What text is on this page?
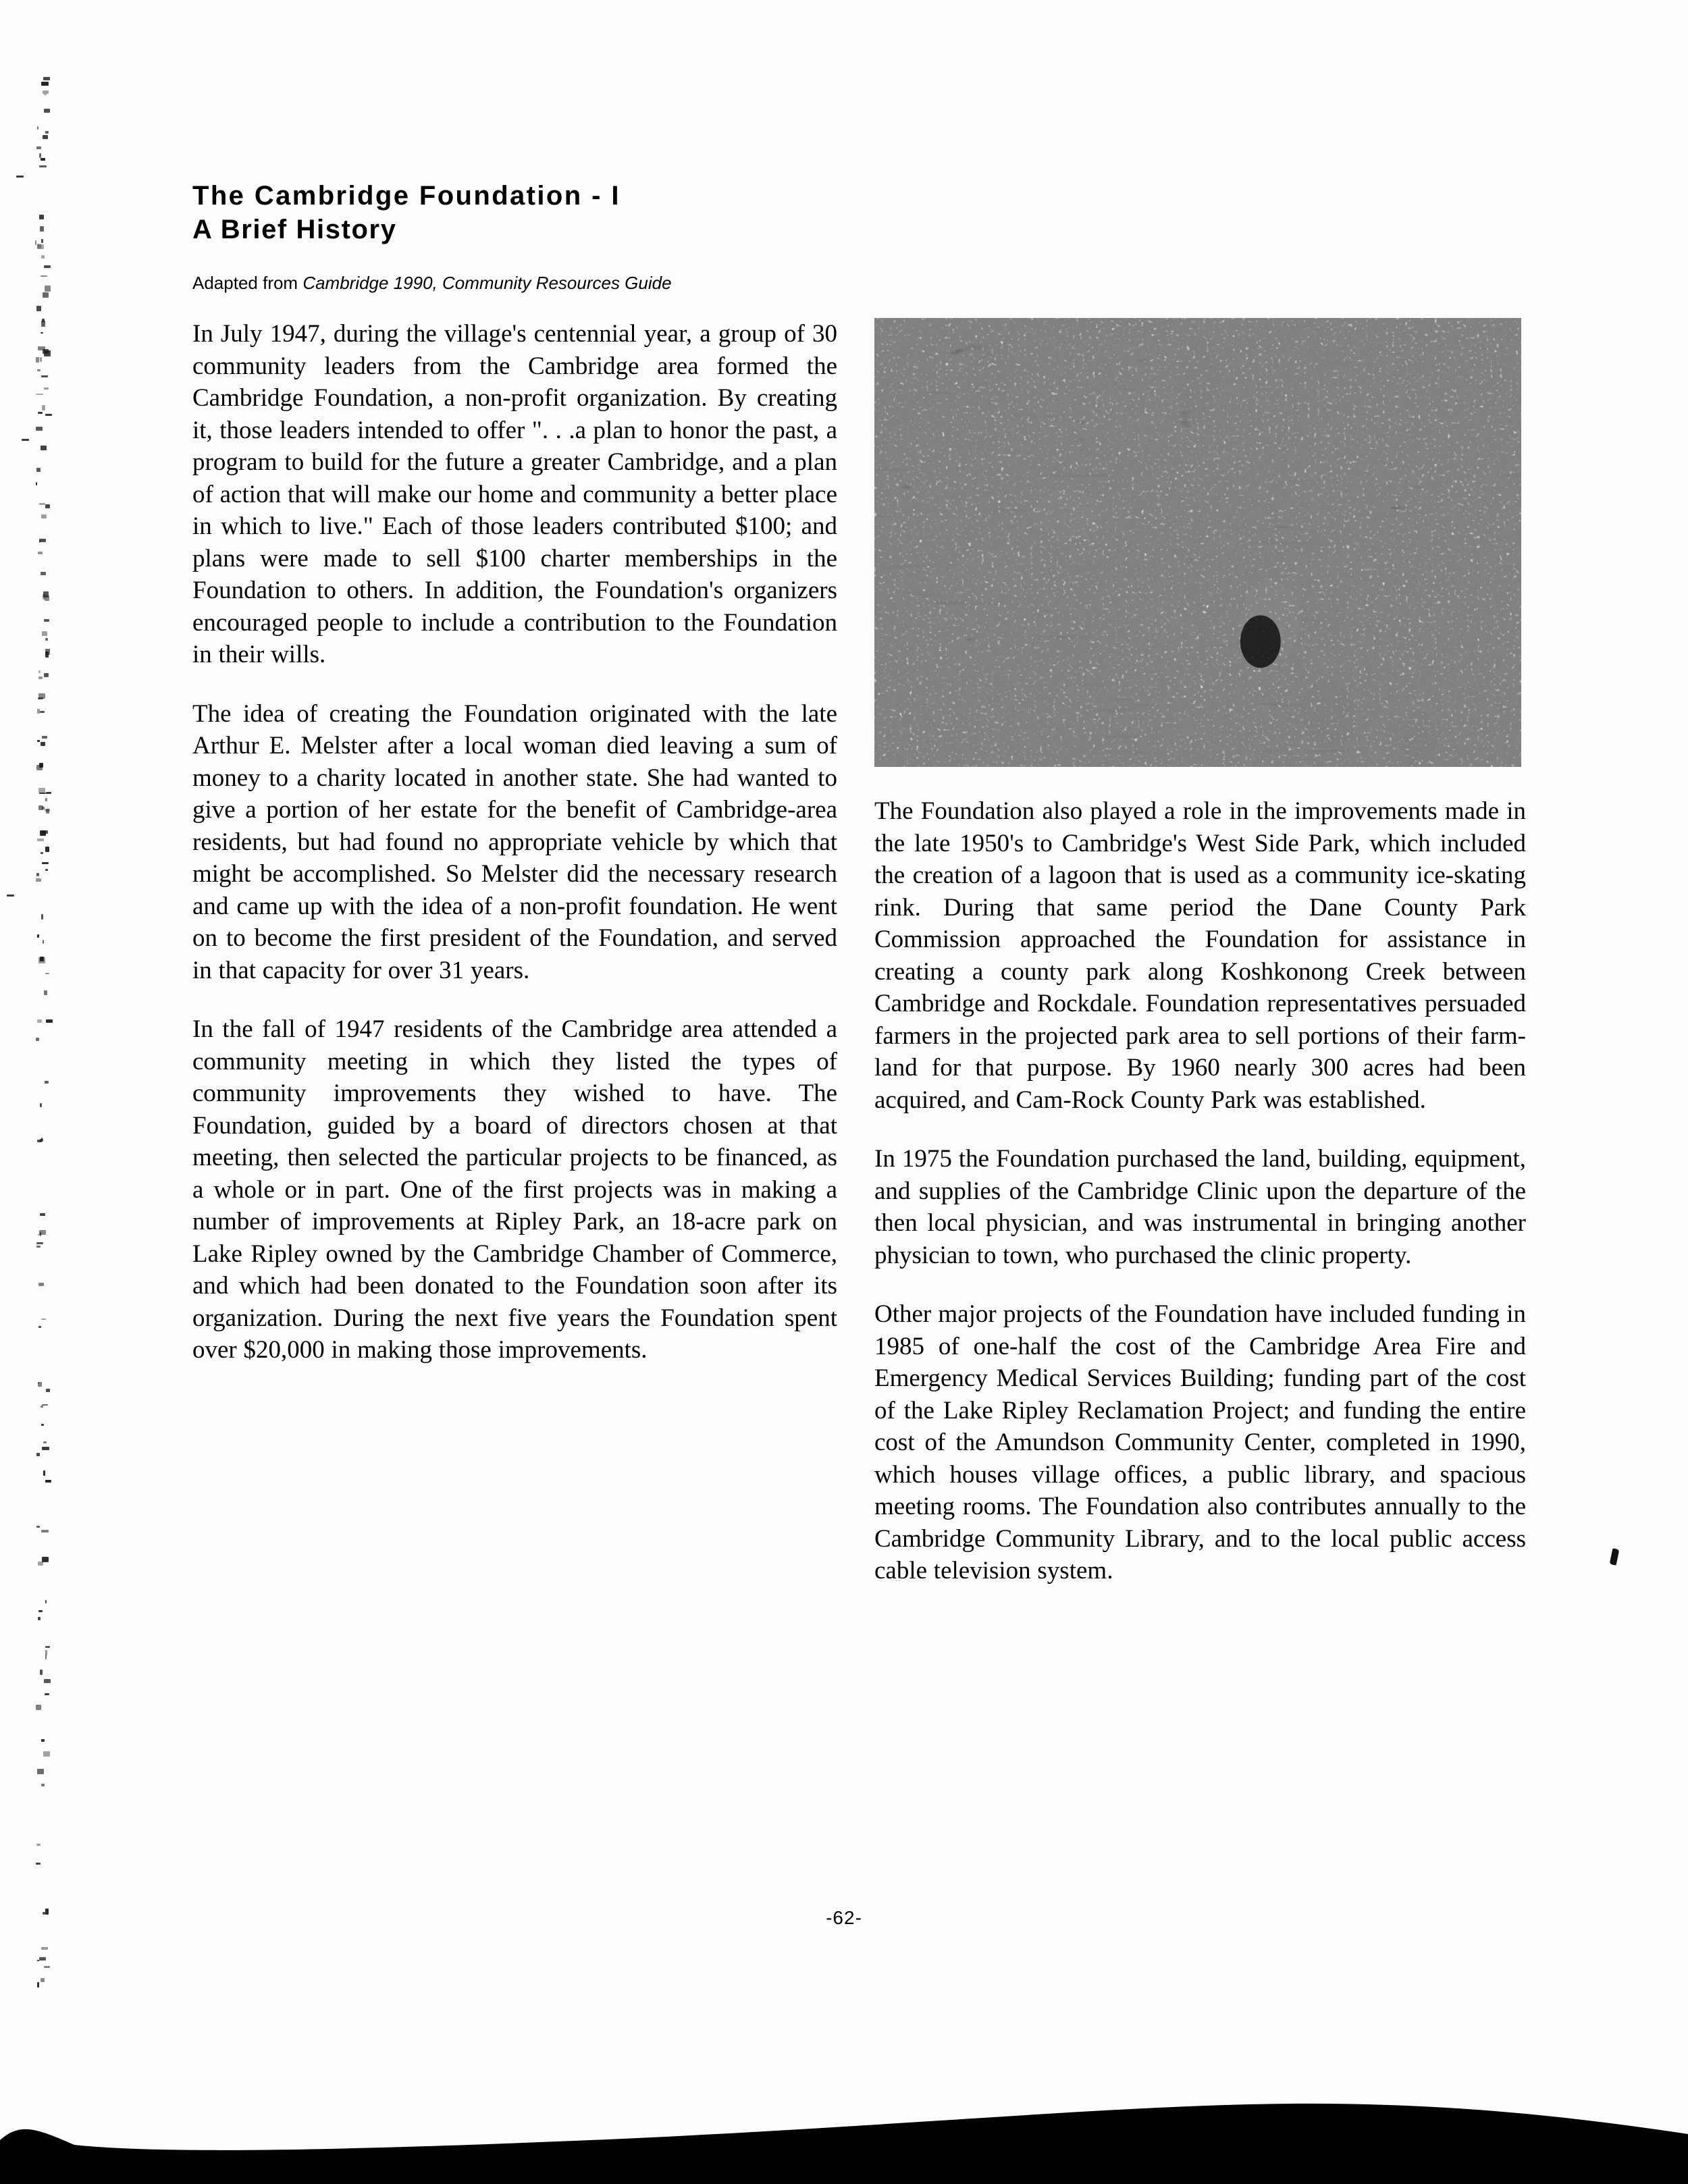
The Cambridge Foundation - I
A Brief History
Adapted from Cambridge 1990, Community Resources Guide

In July 1947, during the village's centennial year, a group of 30 community leaders from the Cambridge area formed the Cambridge Foundation, a non-profit organization. By creating it, those leaders intended to offer ". . .a plan to honor the past, a program to build for the future a greater Cambridge, and a plan of action that will make our home and community a better place in which to live." Each of those leaders contributed $100; and plans were made to sell $100 charter memberships in the Foundation to others. In addition, the Foundation's organizers encouraged people to include a contribution to the Foundation in their wills.

The idea of creating the Foundation originated with the late Arthur E. Melster after a local woman died leaving a sum of money to a charity located in another state. She had wanted to give a portion of her estate for the benefit of Cambridge-area residents, but had found no appropriate vehicle by which that might be accomplished. So Melster did the necessary research and came up with the idea of a non-profit foundation. He went on to become the first president of the Foundation, and served in that capacity for over 31 years.

In the fall of 1947 residents of the Cambridge area attended a community meeting in which they listed the types of community improvements they wished to have. The Foundation, guided by a board of directors chosen at that meeting, then selected the particular projects to be financed, as a whole or in part. One of the first projects was in making a number of improvements at Ripley Park, an 18-acre park on Lake Ripley owned by the Cambridge Chamber of Commerce, and which had been donated to the Foundation soon after its organization. During the next five years the Foundation spent over $20,000 in making those improvements.

The Foundation also played a role in the improvements made in the late 1950's to Cambridge's West Side Park, which included the creation of a lagoon that is used as a community ice-skating rink. During that same period the Dane County Park Commission approached the Foundation for assistance in creating a county park along Koshkonong Creek between Cambridge and Rockdale. Foundation representatives persuaded farmers in the projected park area to sell portions of their farm-land for that purpose. By 1960 nearly 300 acres had been acquired, and Cam-Rock County Park was established.

In 1975 the Foundation purchased the land, building, equipment, and supplies of the Cambridge Clinic upon the departure of the then local physician, and was instrumental in bringing another physician to town, who purchased the clinic property.

Other major projects of the Foundation have included funding in 1985 of one-half the cost of the Cambridge Area Fire and Emergency Medical Services Building; funding part of the cost of the Lake Ripley Reclamation Project; and funding the entire cost of the Amundson Community Center, completed in 1990, which houses village offices, a public library, and spacious meeting rooms. The Foundation also contributes annually to the Cambridge Community Library, and to the local public access cable television system.

-62-
